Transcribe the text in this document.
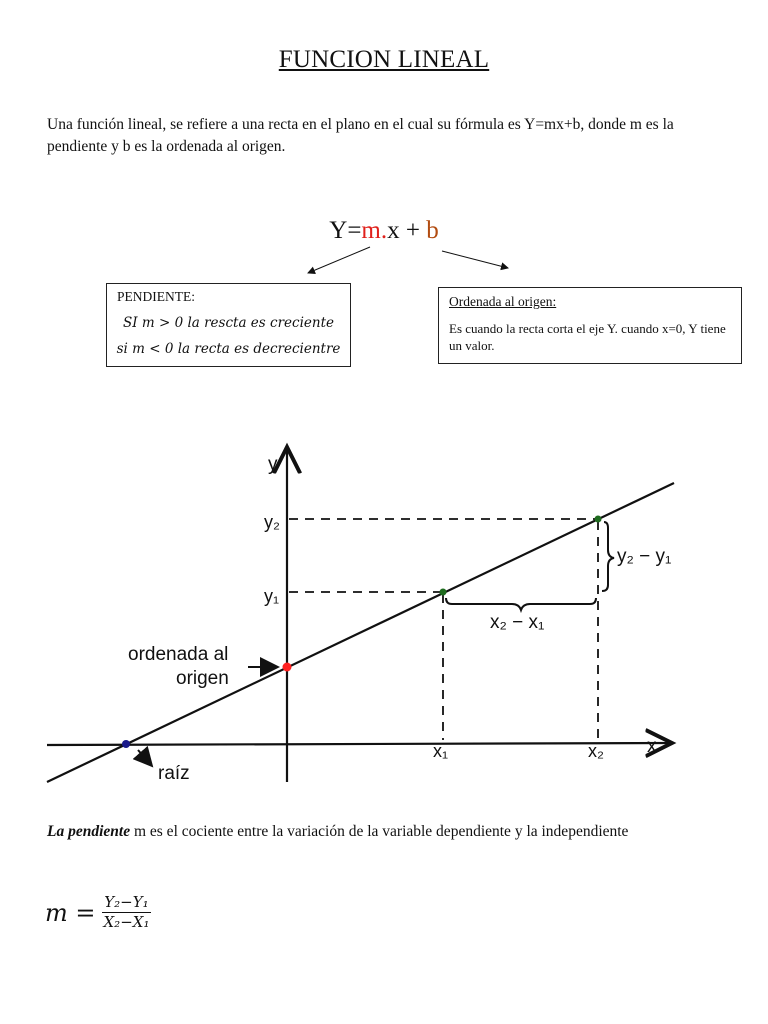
FUNCION LINEAL
Una función lineal, se refiere a una recta en el plano en el cual su fórmula es Y=mx+b, donde m es la pendiente y b es la ordenada al origen.
Y=m.x + b
PENDIENTE:
SI m > 0 la rescta es creciente
si m < 0 la recta es decrecientre
Ordenada al origen:
Es cuando la recta corta el eje Y. cuando x=0, Y tiene un valor.
y
x
y₂
y₁
x₁	x₂
y₂ − y₁
x₂ − x₁
ordenada al
origen
raíz
La pendiente m es el cociente entre la variación de la variable dependiente y la independiente
$m = \frac{\text{Y₂−Y₁}}{\text{X₂−X₁}}$
